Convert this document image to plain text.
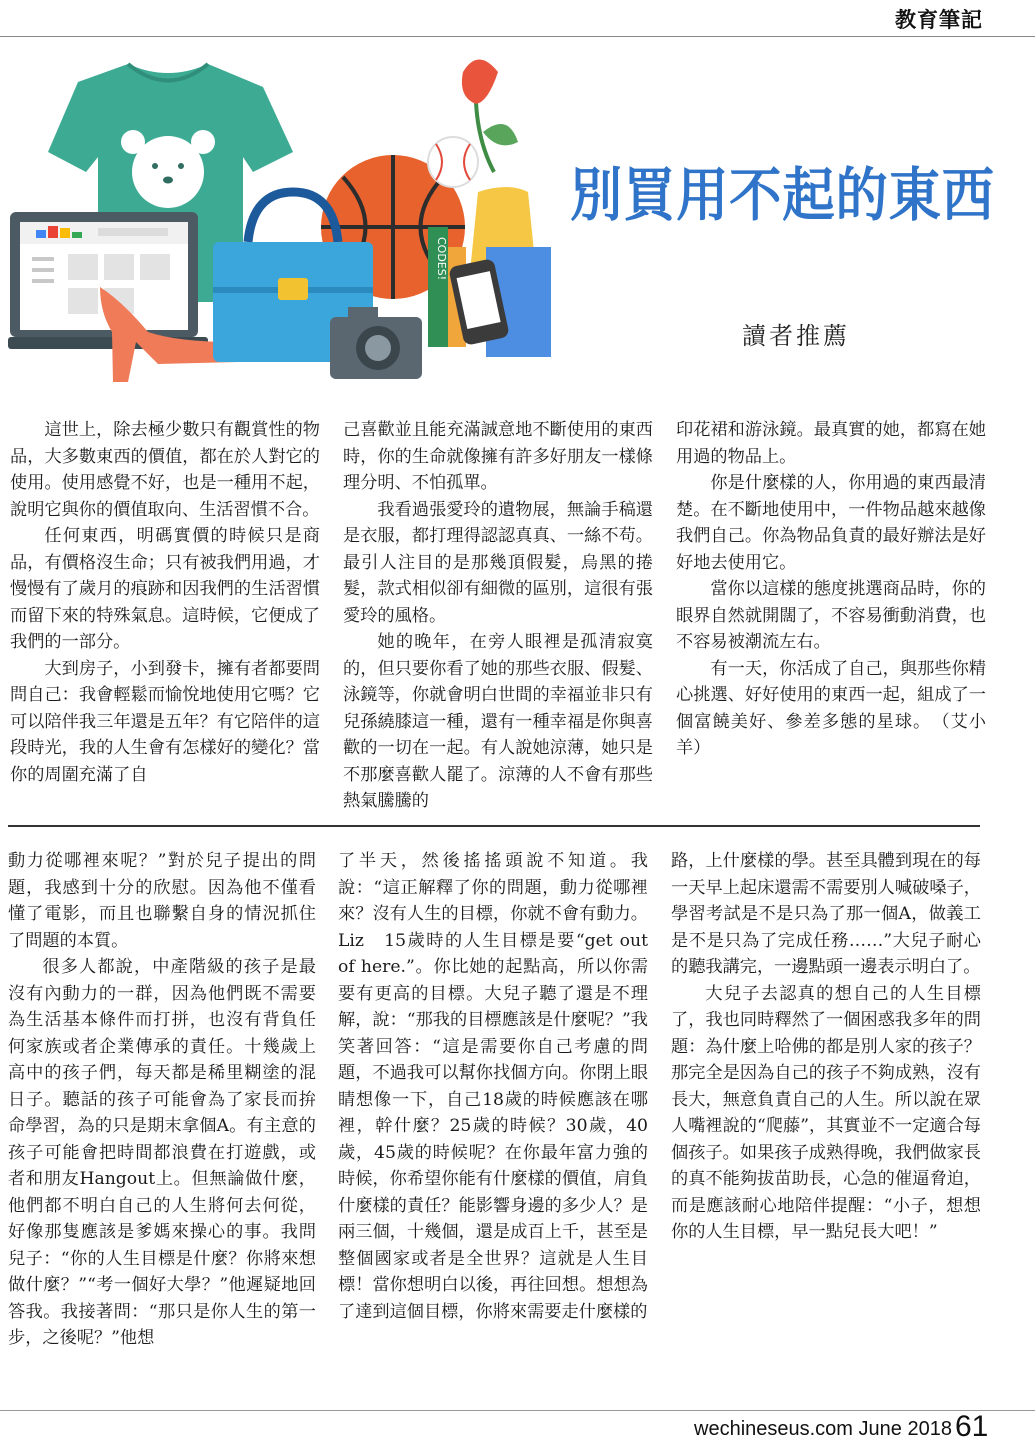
教育筆記
CODES!
別買用不起的東西
讀者推薦

這世上，除去極少數只有觀賞性的物品，大多數東西的價值，都在於人對它的使用。使用感覺不好，也是一種用不起，說明它與你的價值取向、生活習慣不合。

任何東西，明碼實價的時候只是商品，有價格沒生命；只有被我們用過，才慢慢有了歲月的痕跡和因我們的生活習慣而留下來的特殊氣息。這時候，它便成了我們的一部分。

大到房子，小到發卡，擁有者都要問問自己：我會輕鬆而愉悅地使用它嗎？它可以陪伴我三年還是五年？有它陪伴的這段時光，我的人生會有怎樣好的變化？當你的周圍充滿了自

己喜歡並且能充滿誠意地不斷使用的東西時，你的生命就像擁有許多好朋友一樣條理分明、不怕孤單。

我看過張愛玲的遺物展，無論手稿還是衣服，都打理得認認真真、一絲不苟。最引人注目的是那幾頂假髮，烏黑的捲髮，款式相似卻有細微的區別，這很有張愛玲的風格。

她的晚年，在旁人眼裡是孤清寂寞的，但只要你看了她的那些衣服、假髮、泳鏡等，你就會明白世間的幸福並非只有兒孫繞膝這一種，還有一種幸福是你與喜歡的一切在一起。有人說她涼薄，她只是不那麼喜歡人罷了。涼薄的人不會有那些熱氣騰騰的

印花裙和游泳鏡。最真實的她，都寫在她用過的物品上。

你是什麼樣的人，你用過的東西最清楚。在不斷地使用中，一件物品越來越像我們自己。你為物品負責的最好辦法是好好地去使用它。

當你以這樣的態度挑選商品時，你的眼界自然就開闊了，不容易衝動消費，也不容易被潮流左右。

有一天，你活成了自己，與那些你精心挑選、好好使用的東西一起，組成了一個富饒美好、參差多態的星球。　（艾小羊）

動力從哪裡來呢？”對於兒子提出的問題，我感到十分的欣慰。因為他不僅看懂了電影，而且也聯繫自身的情況抓住了問題的本質。

很多人都說，中產階級的孩子是最沒有內動力的一群，因為他們既不需要為生活基本條件而打拼，也沒有背負任何家族或者企業傳承的責任。十幾歲上高中的孩子們，每天都是稀里糊塗的混日子。聽話的孩子可能會為了家長而拚命學習，為的只是期末拿個A。有主意的孩子可能會把時間都浪費在打遊戲，或者和朋友Hangout上。但無論做什麼，他們都不明白自己的人生將何去何從，好像那隻應該是爹媽來操心的事。我問兒子：“你的人生目標是什麼？你將來想做什麼？”“考一個好大學？”他遲疑地回答我。我接著問：“那只是你人生的第一步，之後呢？”他想

了半天，然後搖搖頭說不知道。我說：“這正解釋了你的問題，動力從哪裡來？沒有人生的目標，你就不會有動力。Liz　15歲時的人生目標是要“get out of here.”。你比她的起點高，所以你需要有更高的目標。大兒子聽了還是不理解，說：“那我的目標應該是什麼呢？”我笑著回答：“這是需要你自己考慮的問題，不過我可以幫你找個方向。你閉上眼睛想像一下，自己18歲的時候應該在哪裡，幹什麼？25歲的時候？30歲，40歲，45歲的時候呢？在你最年富力強的時候，你希望你能有什麼樣的價值，肩負什麼樣的責任？能影響身邊的多少人？是兩三個，十幾個，還是成百上千，甚至是整個國家或者是全世界？這就是人生目標！當你想明白以後，再往回想。想想為了達到這個目標，你將來需要走什麼樣的

路，上什麼樣的學。甚至具體到現在的每一天早上起床還需不需要別人喊破嗓子，學習考試是不是只為了那一個A，做義工是不是只為了完成任務……”大兒子耐心的聽我講完，一邊點頭一邊表示明白了。

大兒子去認真的想自己的人生目標了，我也同時釋然了一個困惑我多年的問題：為什麼上哈佛的都是別人家的孩子？那完全是因為自己的孩子不夠成熟，沒有長大，無意負責自己的人生。所以說在眾人嘴裡說的“爬藤”，其實並不一定適合每個孩子。如果孩子成熟得晚，我們做家長的真不能夠拔苗助長，心急的催逼脅迫，而是應該耐心地陪伴提醒：“小子，想想你的人生目標，早一點兒長大吧！”

wechineseus.com June 2018 61
